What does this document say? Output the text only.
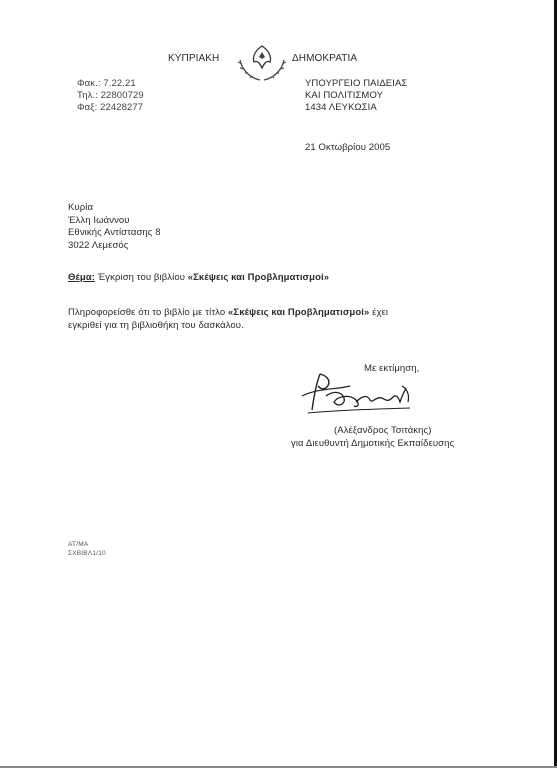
ΚΥΠΡΙΑΚΗ	ΔΗΜΟΚΡΑΤΙΑ
Φακ.: 7.22.21
Τηλ.: 22800729
Φαξ: 22428277
ΥΠΟΥΡΓΕΙΟ ΠΑΙΔΕΙΑΣ
ΚΑΙ ΠΟΛΙΤΙΣΜΟΥ
1434 ΛΕΥΚΩΣΙΑ
21 Οκτωβρίου 2005
Κυρία
Έλλη Ιωάννου
Εθνικής Αντίστασης 8
3022 Λεμεσός
Θέμα: Έγκριση του βιβλίου «Σκέψεις και Προβληματισμοί»
Πληροφορείσθε ότι το βιβλίο με τίτλο «Σκέψεις και Προβληματισμοί» έχει
εγκριθεί για τη βιβλιοθήκη του δασκάλου.
Με εκτίμηση,
(Αλέξανδρος Τσιτάκης)
για Διευθυντή Δημοτικής Εκπαίδευσης
ΑΤ/ΜΑ
ΣΧΒΙΒΛ1/10
